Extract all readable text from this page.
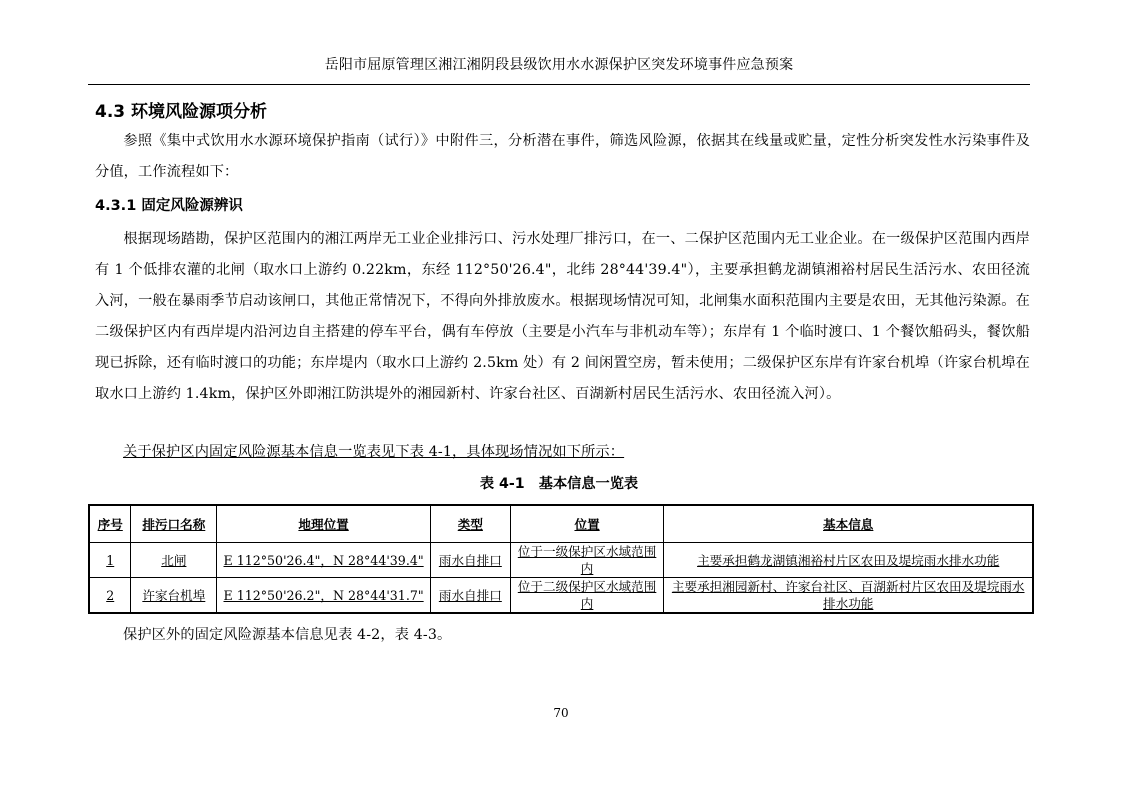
岳阳市屈原管理区湘江湘阴段县级饮用水水源保护区突发环境事件应急预案
4.3 环境风险源项分析
参照《集中式饮用水水源环境保护指南（试行）》中附件三，分析潜在事件，筛选风险源，依据其在线量或贮量，定性分析突发性水污染事件及分值，工作流程如下：
4.3.1 固定风险源辨识
根据现场踏勘，保护区范围内的湘江两岸无工业企业排污口、污水处理厂排污口，在一、二保护区范围内无工业企业。在一级保护区范围内西岸有 1 个低排农灌的北闸（取水口上游约 0.22km，东经 112°50'26.4"，北纬 28°44'39.4"），主要承担鹤龙湖镇湘裕村居民生活污水、农田径流入河，一般在暴雨季节启动该闸口，其他正常情况下，不得向外排放废水。根据现场情况可知，北闸集水面积范围内主要是农田，无其他污染源。在二级保护区内有西岸堤内沿河边自主搭建的停车平台，偶有车停放（主要是小汽车与非机动车等）；东岸有 1 个临时渡口、1 个餐饮船码头，餐饮船现已拆除，还有临时渡口的功能；东岸堤内（取水口上游约 2.5km 处）有 2 间闲置空房，暂未使用；二级保护区东岸有许家台机埠（许家台机埠在取水口上游约 1.4km，保护区外即湘江防洪堤外的湘园新村、许家台社区、百湖新村居民生活污水、农田径流入河）。
关于保护区内固定风险源基本信息一览表见下表 4-1，具体现场情况如下所示：
表 4-1　基本信息一览表
序号	排污口名称	地理位置	类型	位置	基本信息
1	北闸	E 112°50'26.4"，N 28°44'39.4"	雨水自排口	位于一级保护区水域范围内	主要承担鹤龙湖镇湘裕村片区农田及堤垸雨水排水功能
2	许家台机埠	E 112°50'26.2"，N 28°44'31.7"	雨水自排口	位于二级保护区水域范围内	主要承担湘园新村、许家台社区、百湖新村片区农田及堤垸雨水排水功能
保护区外的固定风险源基本信息见表 4-2，表 4-3。
70
